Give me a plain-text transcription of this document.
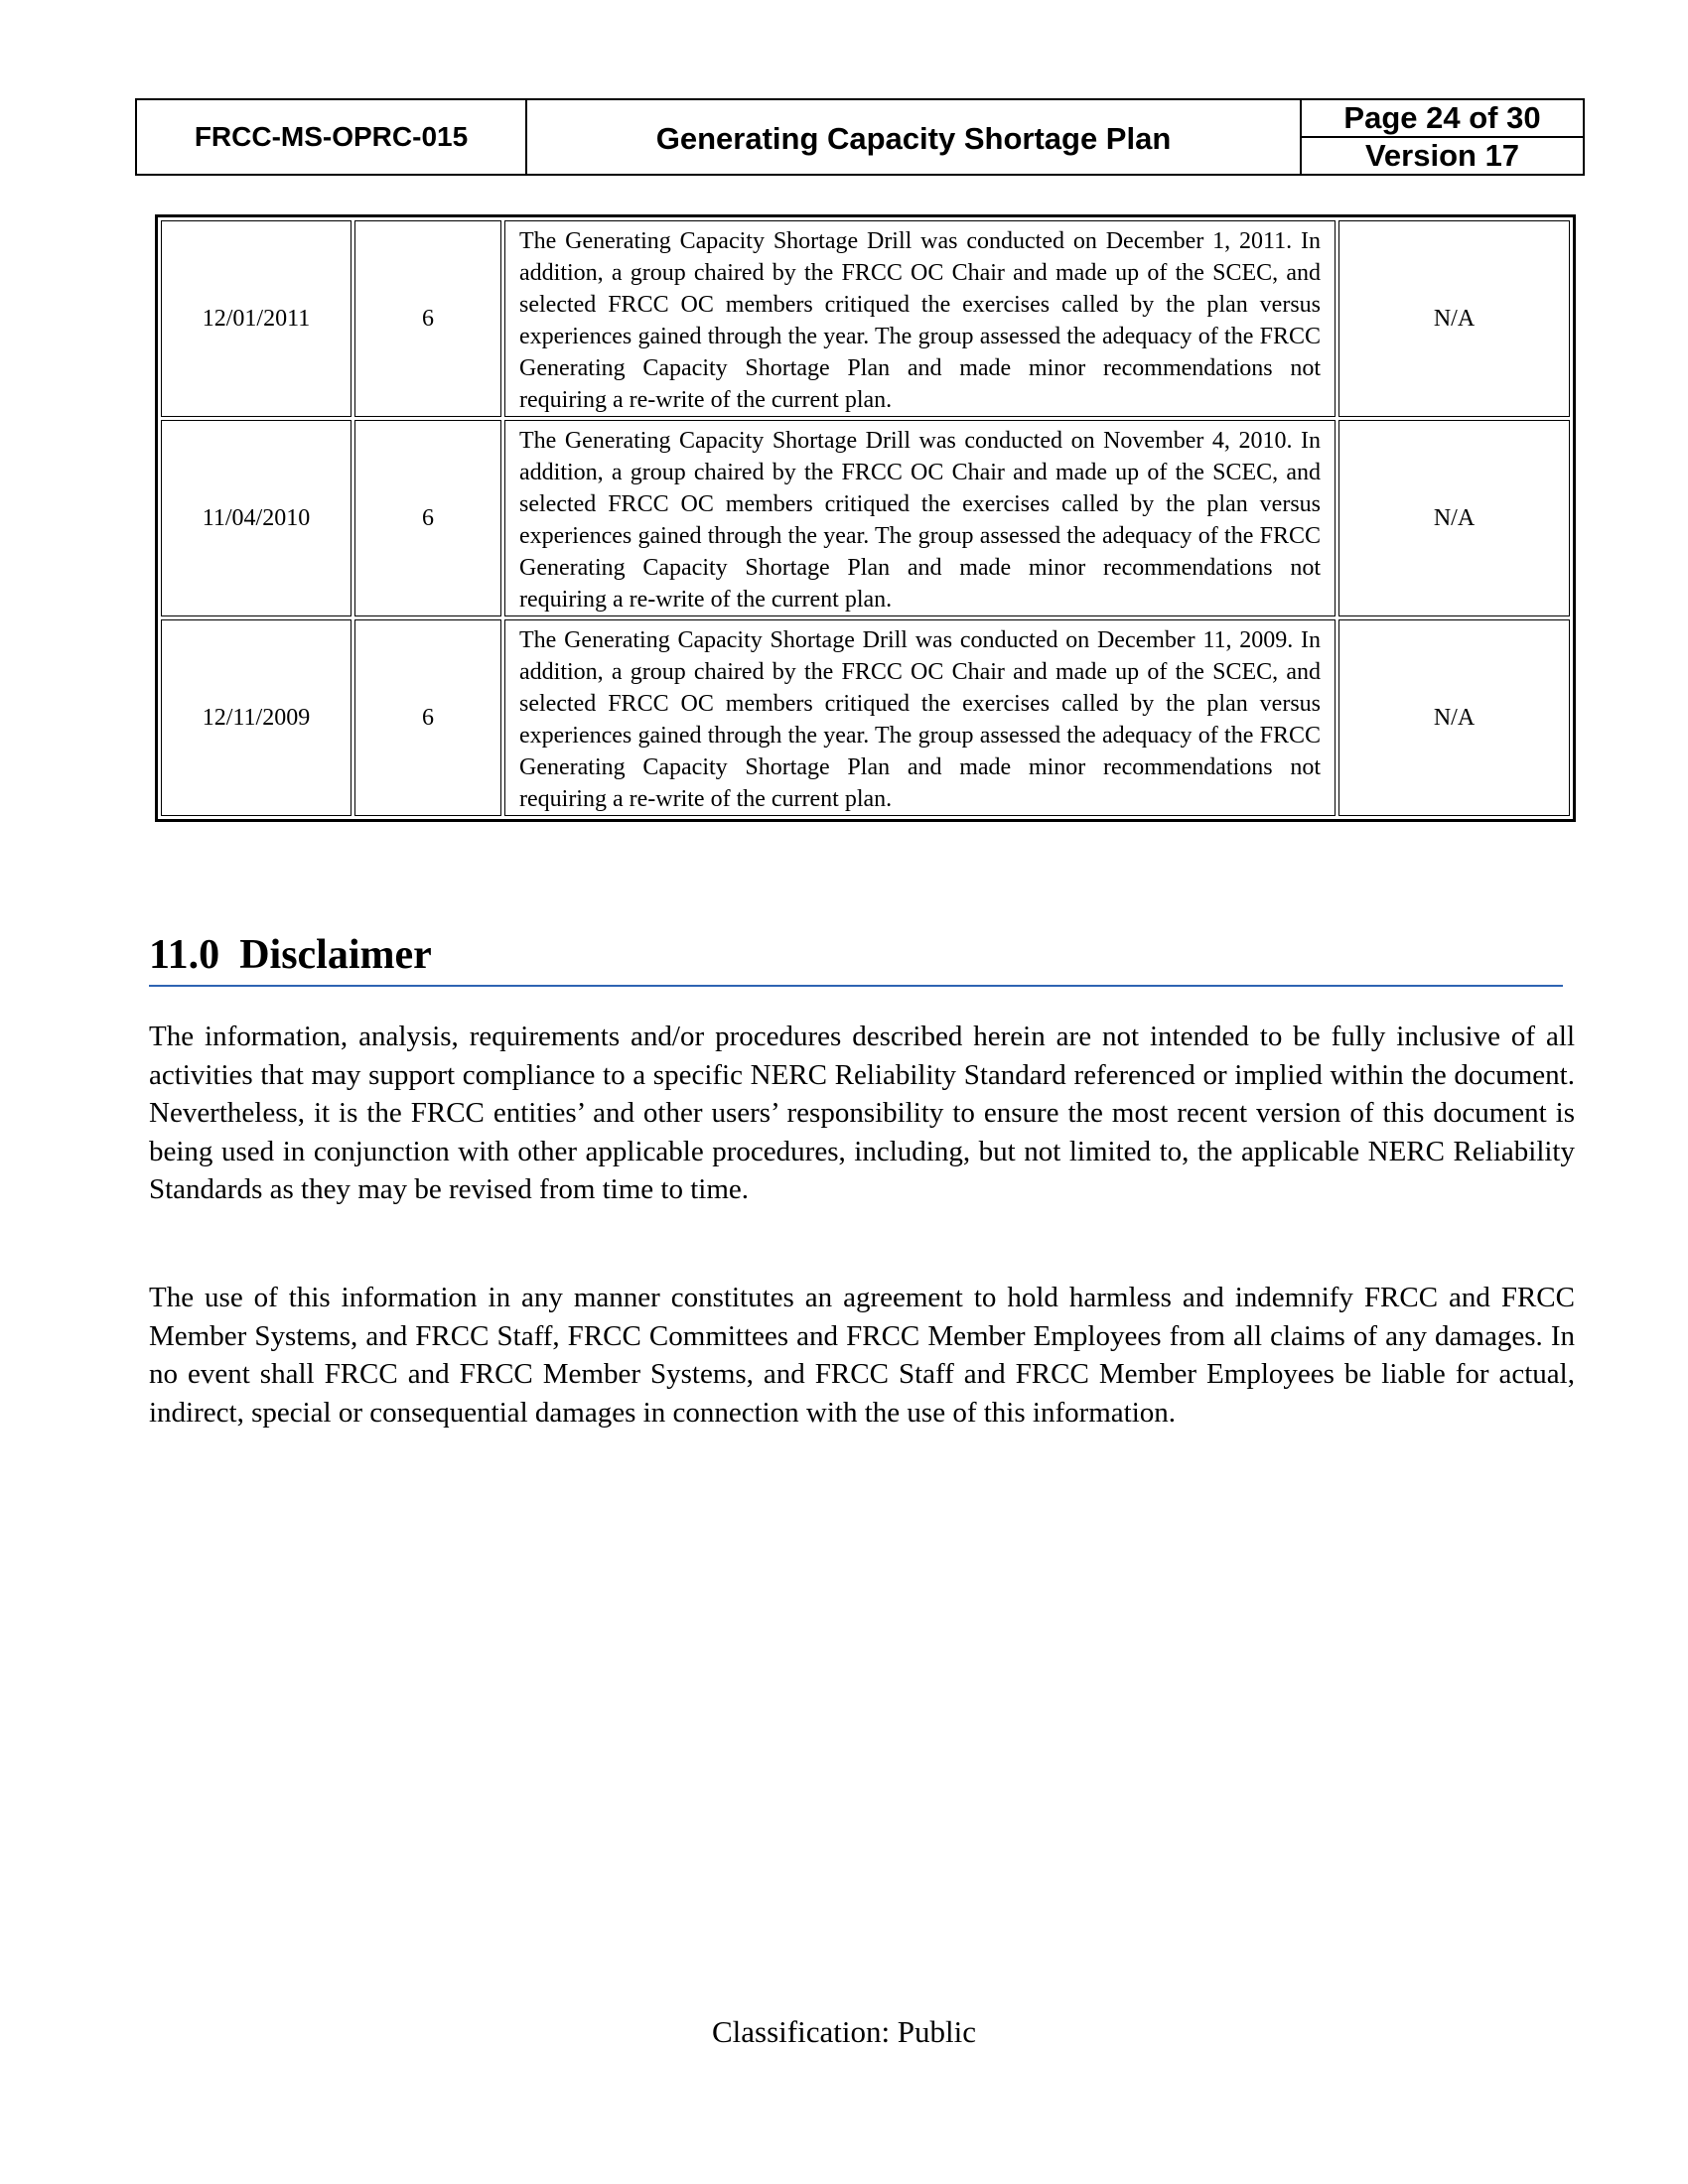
FRCC-MS-OPRC-015	Generating Capacity Shortage Plan
Page 24 of 30
Version 17
12/01/2011	6	The Generating Capacity Shortage Drill was conducted on December 1, 2011. In addition, a group chaired by the FRCC OC Chair and made up of the SCEC, and selected FRCC OC members critiqued the exercises called by the plan versus experiences gained through the year. The group assessed the adequacy of the FRCC Generating Capacity Shortage Plan and made minor recommendations not requiring a re-write of the current plan.	N/A
11/04/2010	6	The Generating Capacity Shortage Drill was conducted on November 4, 2010. In addition, a group chaired by the FRCC OC Chair and made up of the SCEC, and selected FRCC OC members critiqued the exercises called by the plan versus experiences gained through the year. The group assessed the adequacy of the FRCC Generating Capacity Shortage Plan and made minor recommendations not requiring a re-write of the current plan.	N/A
12/11/2009	6	The Generating Capacity Shortage Drill was conducted on December 11, 2009. In addition, a group chaired by the FRCC OC Chair and made up of the SCEC, and selected FRCC OC members critiqued the exercises called by the plan versus experiences gained through the year. The group assessed the adequacy of the FRCC Generating Capacity Shortage Plan and made minor recommendations not requiring a re-write of the current plan.	N/A
11.0 Disclaimer

The information, analysis, requirements and/or procedures described herein are not intended to be fully inclusive of all activities that may support compliance to a specific NERC Reliability Standard referenced or implied within the document. Nevertheless, it is the FRCC entities’ and other users’ responsibility to ensure the most recent version of this document is being used in conjunction with other applicable procedures, including, but not limited to, the applicable NERC Reliability Standards as they may be revised from time to time.

The use of this information in any manner constitutes an agreement to hold harmless and indemnify FRCC and FRCC Member Systems, and FRCC Staff, FRCC Committees and FRCC Member Employees from all claims of any damages. In no event shall FRCC and FRCC Member Systems, and FRCC Staff and FRCC Member Employees be liable for actual, indirect, special or consequential damages in connection with the use of this information.

Classification: Public
